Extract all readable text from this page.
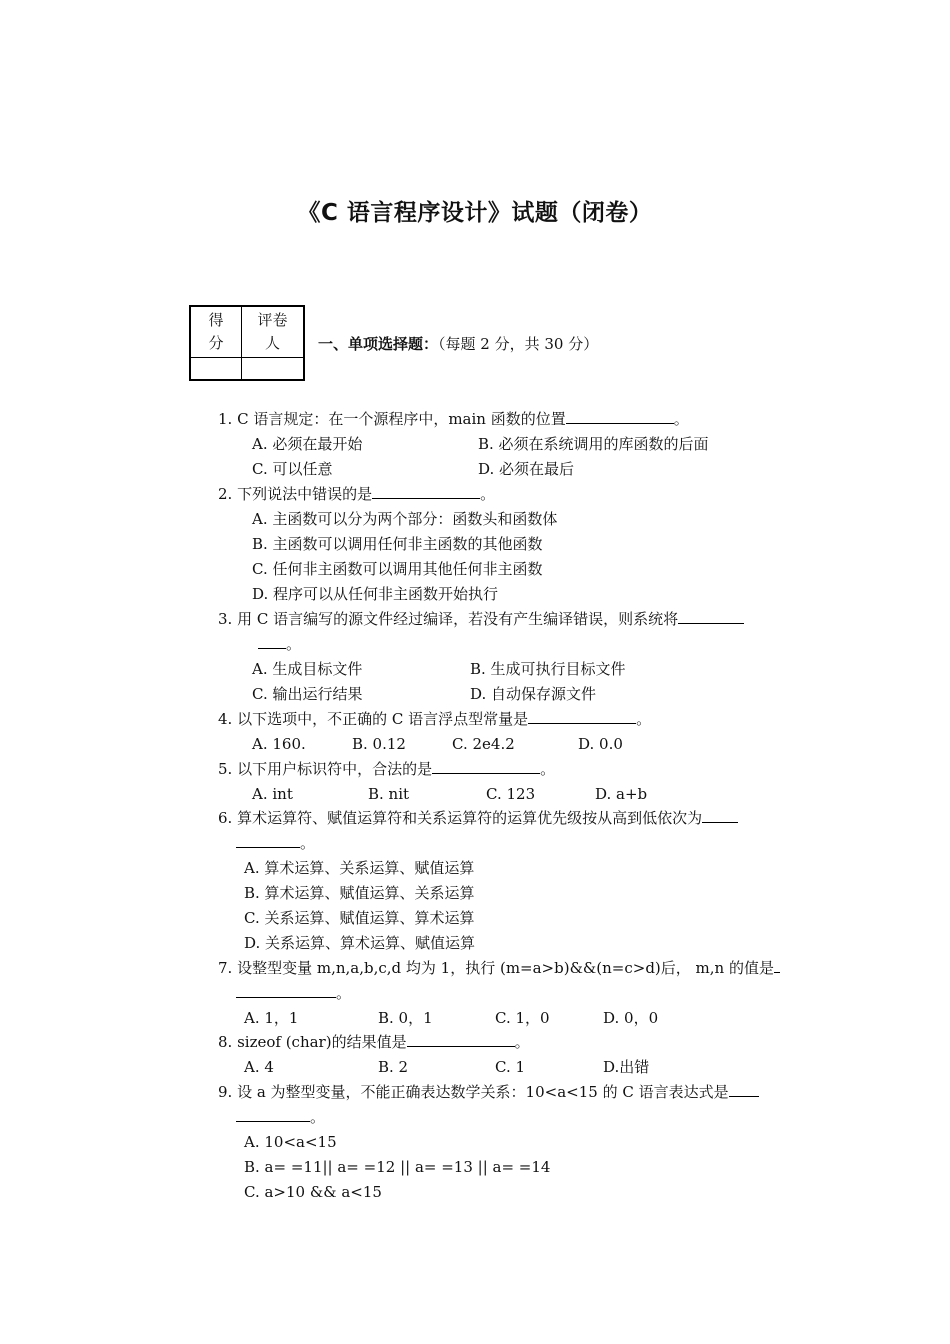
《C 语言程序设计》试题（闭卷）
得分	评卷人
		一、单项选择题：（每题 2 分，共 30 分）
1. C 语言规定：在一个源程序中，main 函数的位置	。
A. 必须在最开始	B. 必须在系统调用的库函数的后面
C. 可以任意	D. 必须在最后
2. 下列说法中错误的是	。
A. 主函数可以分为两个部分：函数头和函数体
B. 主函数可以调用任何非主函数的其他函数
C. 任何非主函数可以调用其他任何非主函数
D. 程序可以从任何非主函数开始执行
3. 用 C 语言编写的源文件经过编译，若没有产生编译错误，则系统将
。
A. 生成目标文件	B. 生成可执行目标文件
C. 输出运行结果	D. 自动保存源文件
4. 以下选项中，不正确的 C 语言浮点型常量是	。
A. 160.	B. 0.12	C. 2e4.2	D. 0.0
5. 以下用户标识符中，合法的是	。
A. int	B. nit	C. 123	D. a+b
6. 算术运算符、赋值运算符和关系运算符的运算优先级按从高到低依次为
。
A. 算术运算、关系运算、赋值运算
B. 算术运算、赋值运算、关系运算
C. 关系运算、赋值运算、算术运算
D. 关系运算、算术运算、赋值运算
7. 设整型变量 m,n,a,b,c,d 均为 1，执行 (m=a>b)&&(n=c>d)后， m,n 的值是
。
A. 1，1	B. 0，1	C. 1，0	D. 0，0
8. sizeof (char)的结果值是	。
A. 4	B. 2	C. 1	D.出错
9. 设 a 为整型变量，不能正确表达数学关系：10<a<15 的 C 语言表达式是
。
A. 10<a<15
B. a= =11|| a= =12 || a= =13 || a= =14
C. a>10 && a<15
